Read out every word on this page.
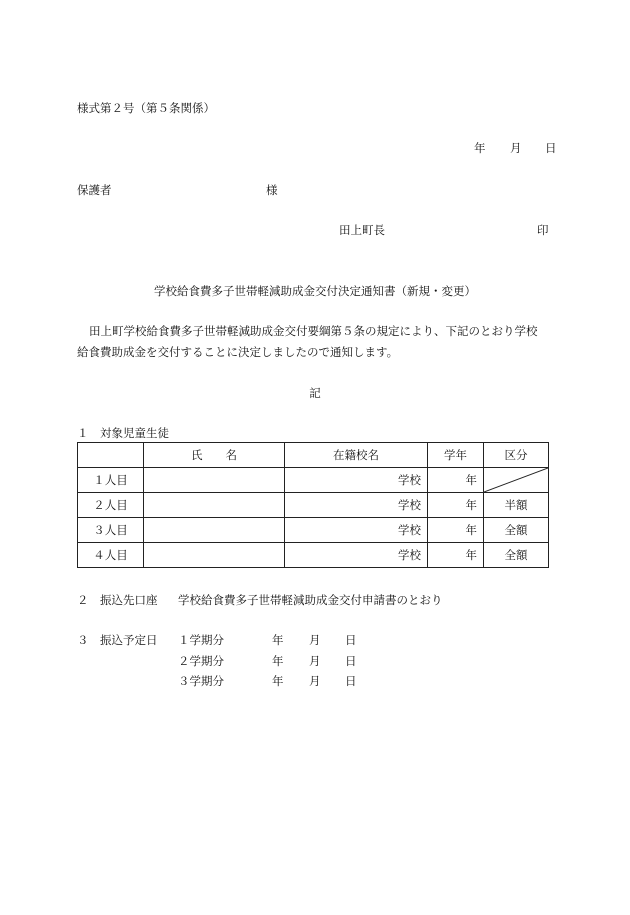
様式第２号（第５条関係）
年 月 日
保護者	様
田上町長	印
学校給食費多子世帯軽減助成金交付決定通知書（新規・変更）
田上町学校給食費多子世帯軽減助成金交付要綱第５条の規定により、下記のとおり学校
給食費助成金を交付することに決定しましたので通知します。
記
１　対象児童生徒
	氏　　名	在籍校名	学年	区分
１人目		学校	年	

２人目		学校	年	半額
３人目		学校	年	全額
４人目		学校	年	全額
２　振込先口座 学校給食費多子世帯軽減助成金交付申請書のとおり
３　振込予定日 １学期分	年 月 日
２学期分	年 月 日
３学期分	年 月 日
